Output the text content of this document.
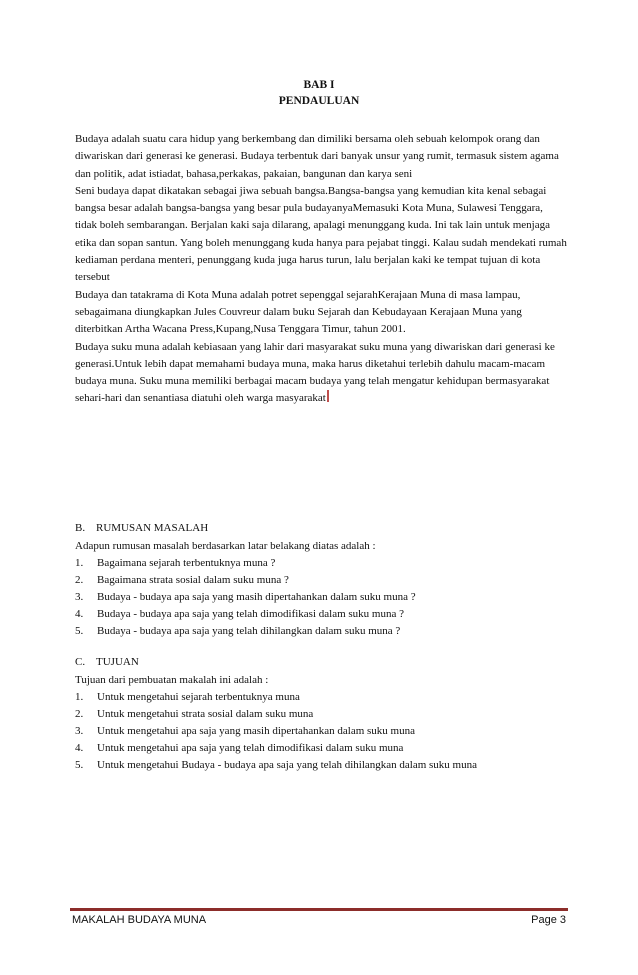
BAB I
PENDAULUAN

Budaya adalah suatu cara hidup yang berkembang dan dimiliki bersama oleh sebuah kelompok orang dan diwariskan dari generasi ke generasi. Budaya terbentuk dari banyak unsur yang rumit, termasuk sistem agama dan politik, adat istiadat, bahasa,perkakas, pakaian, bangunan dan karya seni

Seni budaya dapat dikatakan sebagai jiwa sebuah bangsa.Bangsa-bangsa yang kemudian kita kenal sebagai bangsa besar adalah bangsa-bangsa yang besar pula budayanyaMemasuki Kota Muna, Sulawesi Tenggara, tidak boleh sembarangan. Berjalan kaki saja dilarang, apalagi menunggang kuda. Ini tak lain untuk menjaga etika dan sopan santun. Yang boleh menunggang kuda hanya para pejabat tinggi. Kalau sudah mendekati rumah kediaman perdana menteri, penunggang kuda juga harus turun, lalu berjalan kaki ke tempat tujuan di kota tersebut

Budaya dan tatakrama di Kota Muna adalah potret sepenggal sejarahKerajaan Muna di masa lampau, sebagaimana diungkapkan Jules Couvreur dalam buku Sejarah dan Kebudayaan Kerajaan Muna yang diterbitkan Artha Wacana Press,Kupang,Nusa Tenggara Timur, tahun 2001.

Budaya suku muna adalah kebiasaan yang lahir dari masyarakat suku muna yang diwariskan dari generasi ke generasi.Untuk lebih dapat memahami budaya muna, maka harus diketahui terlebih dahulu macam-macam budaya muna. Suku muna memiliki berbagai macam budaya yang telah mengatur kehidupan bermasyarakat sehari-hari dan senantiasa diatuhi oleh warga masyarakat

B. RUMUSAN MASALAH

Adapun rumusan masalah berdasarkan latar belakang diatas adalah :

1.	Bagaimana sejarah terbentuknya muna ?
2.	Bagaimana strata sosial dalam suku muna ?
3.	Budaya - budaya apa saja yang masih dipertahankan dalam suku muna ?
4.	Budaya - budaya apa saja yang telah dimodifikasi dalam suku muna ?
5.	Budaya - budaya apa saja yang telah dihilangkan dalam suku muna ?
C. TUJUAN

Tujuan dari pembuatan makalah ini adalah :

1.	Untuk mengetahui sejarah terbentuknya muna
2.	Untuk mengetahui strata sosial dalam suku muna
3.	Untuk mengetahui apa saja yang masih dipertahankan dalam suku muna
4.	Untuk mengetahui apa saja yang telah dimodifikasi dalam suku muna
5.	Untuk mengetahui Budaya - budaya apa saja yang telah dihilangkan dalam suku muna
MAKALAH BUDAYA MUNA	Page 3
